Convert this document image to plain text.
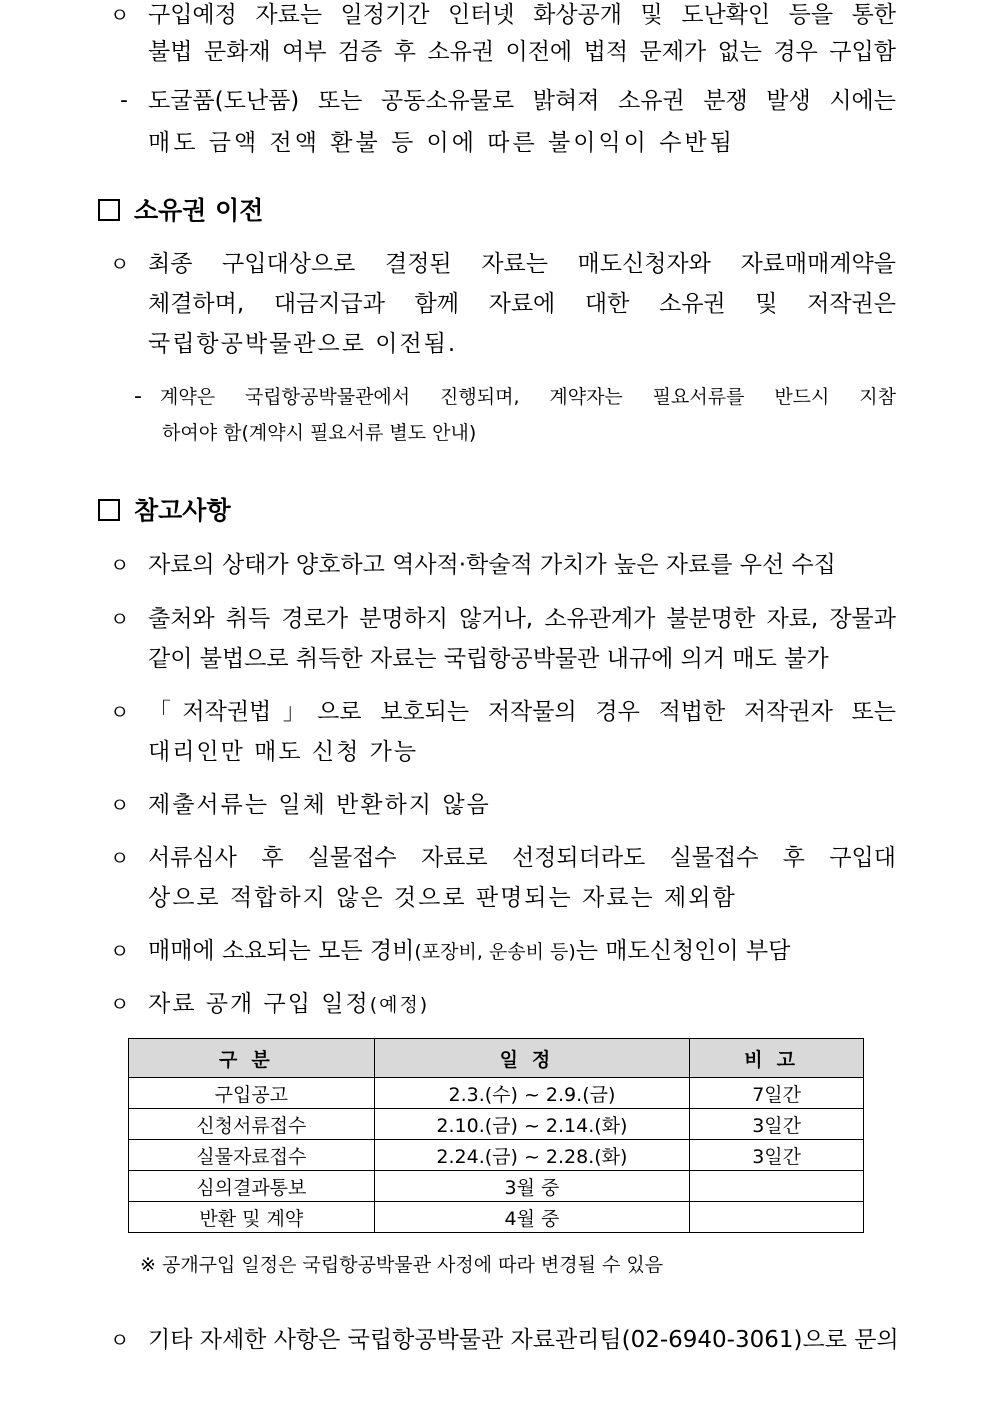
ㅇ 구입예정 자료는 일정기간 인터넷 화상공개 및 도난확인 등을 통한
불법 문화재 여부 검증 후 소유권 이전에 법적 문제가 없는 경우 구입함
- 도굴품(도난품) 또는 공동소유물로 밝혀져 소유권 분쟁 발생 시에는
매도 금액 전액 환불 등 이에 따른 불이익이 수반됨
소유권 이전
ㅇ 최종 구입대상으로 결정된 자료는 매도신청자와 자료매매계약을
체결하며, 대금지급과 함께 자료에 대한 소유권 및 저작권은
국립항공박물관으로 이전됨.
- 계약은 국립항공박물관에서 진행되며, 계약자는 필요서류를 반드시 지참
하여야 함(계약시 필요서류 별도 안내)
참고사항
ㅇ 자료의 상태가 양호하고 역사적·학술적 가치가 높은 자료를 우선 수집
ㅇ 출처와 취득 경로가 분명하지 않거나, 소유관계가 불분명한 자료, 장물과
같이 불법으로 취득한 자료는 국립항공박물관 내규에 의거 매도 불가
ㅇ 「저작권법」으로 보호되는 저작물의 경우 적법한 저작권자 또는
대리인만 매도 신청 가능
ㅇ 제출서류는 일체 반환하지 않음
ㅇ 서류심사 후 실물접수 자료로 선정되더라도 실물접수 후 구입대
상으로 적합하지 않은 것으로 판명되는 자료는 제외함
ㅇ 매매에 소요되는 모든 경비(포장비, 운송비 등)는 매도신청인이 부담
ㅇ 자료 공개 구입 일정(예정)
구분	일정	비고
구입공고	2.3.(수) ~ 2.9.(금)	7일간
신청서류접수	2.10.(금) ~ 2.14.(화)	3일간
실물자료접수	2.24.(금) ~ 2.28.(화)	3일간
심의결과통보	3월 중	
반환 및 계약	4월 중	
※ 공개구입 일정은 국립항공박물관 사정에 따라 변경될 수 있음
ㅇ 기타 자세한 사항은 국립항공박물관 자료관리팀(02-6940-3061)으로 문의
